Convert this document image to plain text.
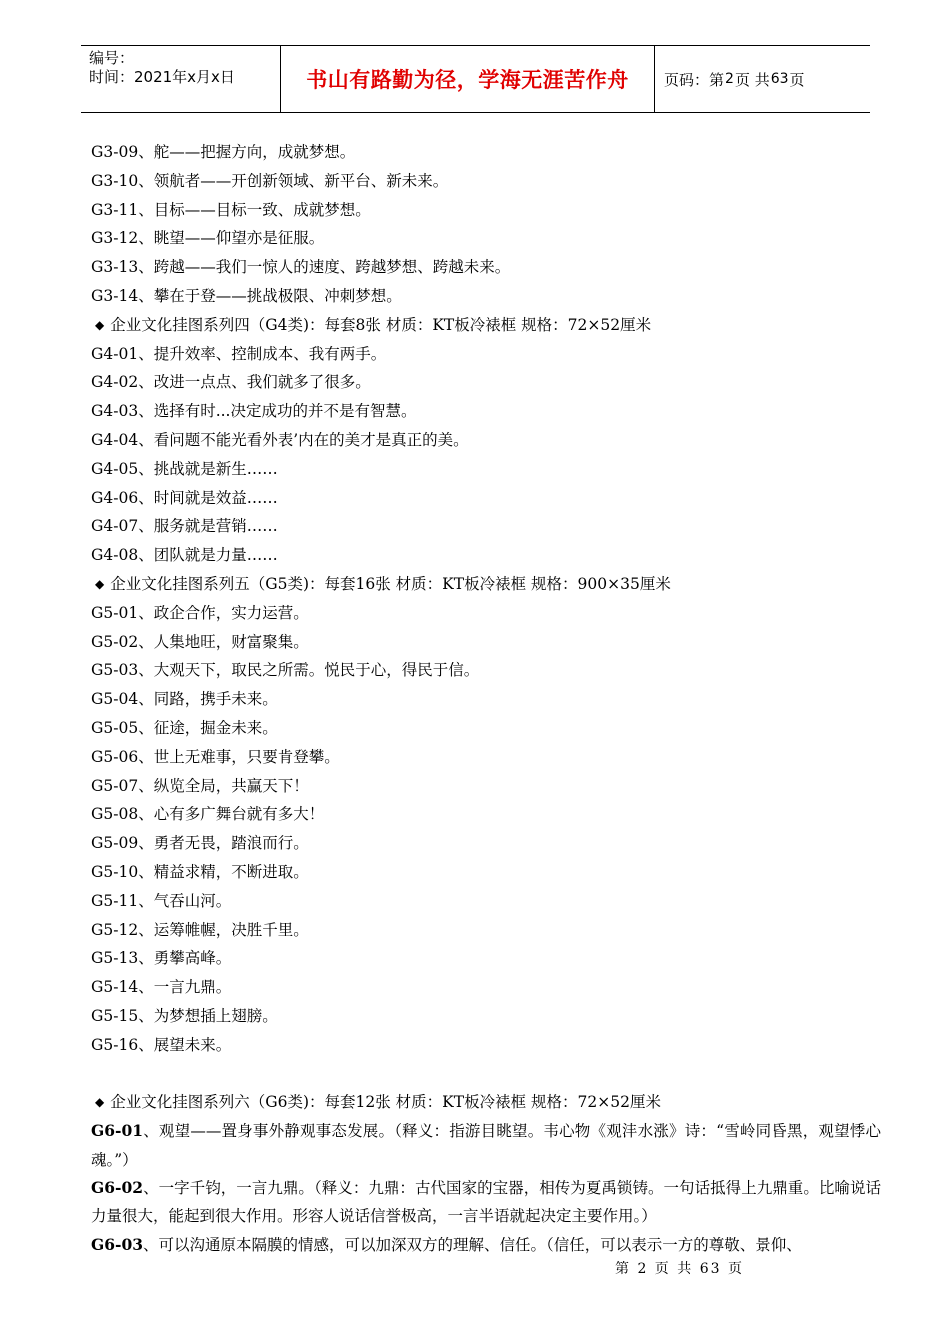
编号：
时间：2021年x月x日	书山有路勤为径，学海无涯苦作舟	页码：第 2 页 共 63 页
G3-09、舵——把握方向，成就梦想。
G3-10、领航者——开创新领域、新平台、新未来。
G3-11、目标——目标一致、成就梦想。
G3-12、眺望——仰望亦是征服。
G3-13、跨越——我们一惊人的速度、跨越梦想、跨越未来。
G3-14、攀在于登——挑战极限、冲刺梦想。
◆ 企业文化挂图系列四（G4类)：每套8张 材质：KT板冷裱框 规格：72×52厘米
G4-01、提升效率、控制成本、我有两手。
G4-02、改进一点点、我们就多了很多。
G4-03、选择有时...决定成功的并不是有智慧。
G4-04、看问题不能光看外表’内在的美才是真正的美。
G4-05、挑战就是新生……
G4-06、时间就是效益……
G4-07、服务就是营销……
G4-08、团队就是力量……
◆ 企业文化挂图系列五（G5类)：每套16张 材质：KT板冷裱框 规格：900×35厘米
G5-01、政企合作，实力运营。
G5-02、人集地旺，财富聚集。
G5-03、大观天下，取民之所需。悦民于心，得民于信。
G5-04、同路，携手未来。
G5-05、征途，掘金未来。
G5-06、世上无难事，只要肯登攀。
G5-07、纵览全局，共赢天下！
G5-08、心有多广舞台就有多大！
G5-09、勇者无畏，踏浪而行。
G5-10、精益求精，不断进取。
G5-11、气吞山河。
G5-12、运筹帷幄，决胜千里。
G5-13、勇攀高峰。
G5-14、一言九鼎。
G5-15、为梦想插上翅膀。
G5-16、展望未来。
◆ 企业文化挂图系列六（G6类)：每套12张 材质：KT板冷裱框 规格：72×52厘米
G6-01、观望——置身事外静观事态发展。（释义：指游目眺望。韦心物《观沣水涨》诗：“雪岭同昏黑，观望悸心魂。”）
G6-02、一字千钧，一言九鼎。（释义：九鼎：古代国家的宝器，相传为夏禹锁铸。一句话抵得上九鼎重。比喻说话力量很大，能起到很大作用。形容人说话信誉极高，一言半语就起决定主要作用。）
G6-03、可以沟通原本隔膜的情感，可以加深双方的理解、信任。（信任，可以表示一方的尊敬、景仰、
第 2 页 共 63 页
